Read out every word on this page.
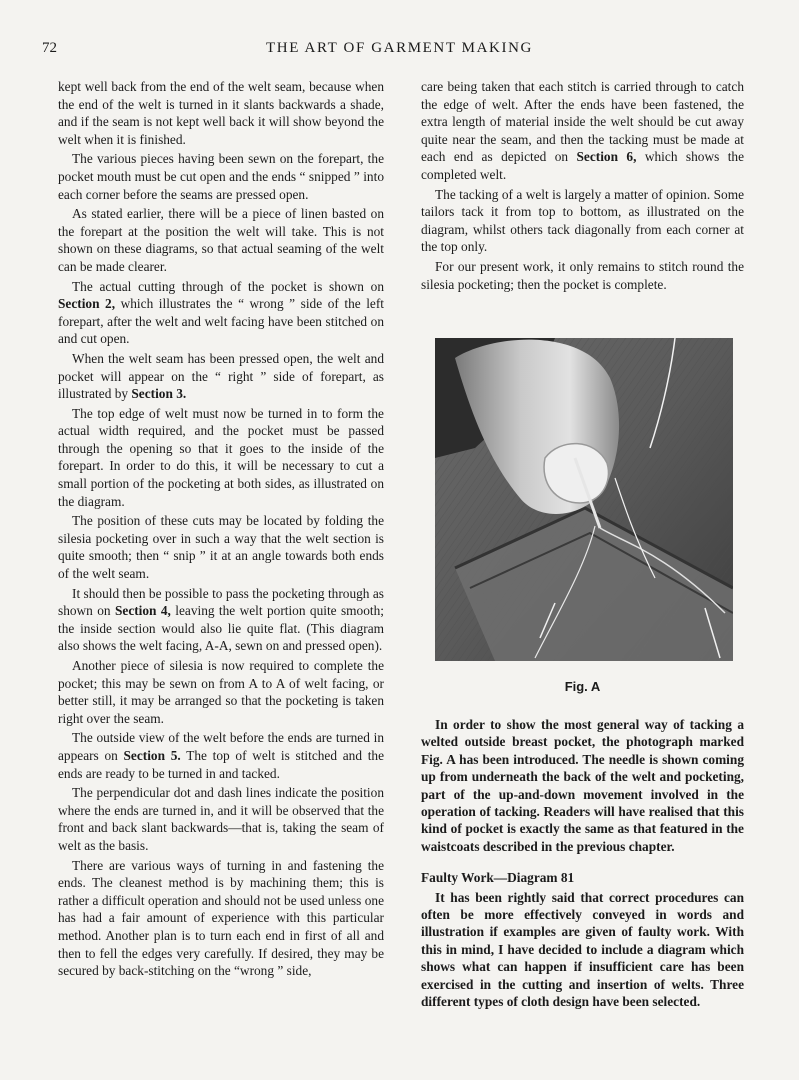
72	THE ART OF GARMENT MAKING

kept well back from the end of the welt seam, because when the end of the welt is turned in it slants backwards a shade, and if the seam is not kept well back it will show beyond the welt when it is finished.

The various pieces having been sewn on the forepart, the pocket mouth must be cut open and the ends “ snipped ” into each corner before the seams are pressed open.

As stated earlier, there will be a piece of linen basted on the forepart at the position the welt will take. This is not shown on these diagrams, so that actual seaming of the welt can be made clearer.

The actual cutting through of the pocket is shown on Section 2, which illustrates the “ wrong ” side of the left forepart, after the welt and welt facing have been stitched on and cut open.

When the welt seam has been pressed open, the welt and pocket will appear on the “ right ” side of forepart, as illustrated by Section 3.

The top edge of welt must now be turned in to form the actual width required, and the pocket must be passed through the opening so that it goes to the inside of the forepart. In order to do this, it will be necessary to cut a small portion of the pocketing at both sides, as illustrated on the diagram.

The position of these cuts may be located by folding the silesia pocketing over in such a way that the welt section is quite smooth; then “ snip ” it at an angle towards both ends of the welt seam.

It should then be possible to pass the pocketing through as shown on Section 4, leaving the welt portion quite smooth; the inside section would also lie quite flat. (This diagram also shows the welt facing, A-A, sewn on and pressed open).

Another piece of silesia is now required to complete the pocket; this may be sewn on from A to A of welt facing, or better still, it may be arranged so that the pocketing is taken right over the seam.

The outside view of the welt before the ends are turned in appears on Section 5. The top of welt is stitched and the ends are ready to be turned in and tacked.

The perpendicular dot and dash lines indicate the position where the ends are turned in, and it will be observed that the front and back slant backwards—that is, taking the seam of welt as the basis.

There are various ways of turning in and fastening the ends. The cleanest method is by machining them; this is rather a difficult operation and should not be used unless one has had a fair amount of experience with this particular method. Another plan is to turn each end in first of all and then to fell the edges very carefully. If desired, they may be secured by back-stitching on the “wrong ” side,

care being taken that each stitch is carried through to catch the edge of welt. After the ends have been fastened, the extra length of material inside the welt should be cut away quite near the seam, and then the tacking must be made at each end as depicted on Section 6, which shows the completed welt.

The tacking of a welt is largely a matter of opinion. Some tailors tack it from top to bottom, as illustrated on the diagram, whilst others tack diagonally from each corner at the top only.

For our present work, it only remains to stitch round the silesia pocketing; then the pocket is complete.

Fig. A

In order to show the most general way of tacking a welted outside breast pocket, the photograph marked Fig. A has been introduced. The needle is shown coming up from underneath the back of the welt and pocketing, part of the up-and-down movement involved in the operation of tacking. Readers will have realised that this kind of pocket is exactly the same as that featured in the waistcoats described in the previous chapter.

Faulty Work—Diagram 81

It has been rightly said that correct procedures can often be more effectively conveyed in words and illustration if examples are given of faulty work. With this in mind, I have decided to include a diagram which shows what can happen if insufficient care has been exercised in the cutting and insertion of welts. Three different types of cloth design have been selected.
